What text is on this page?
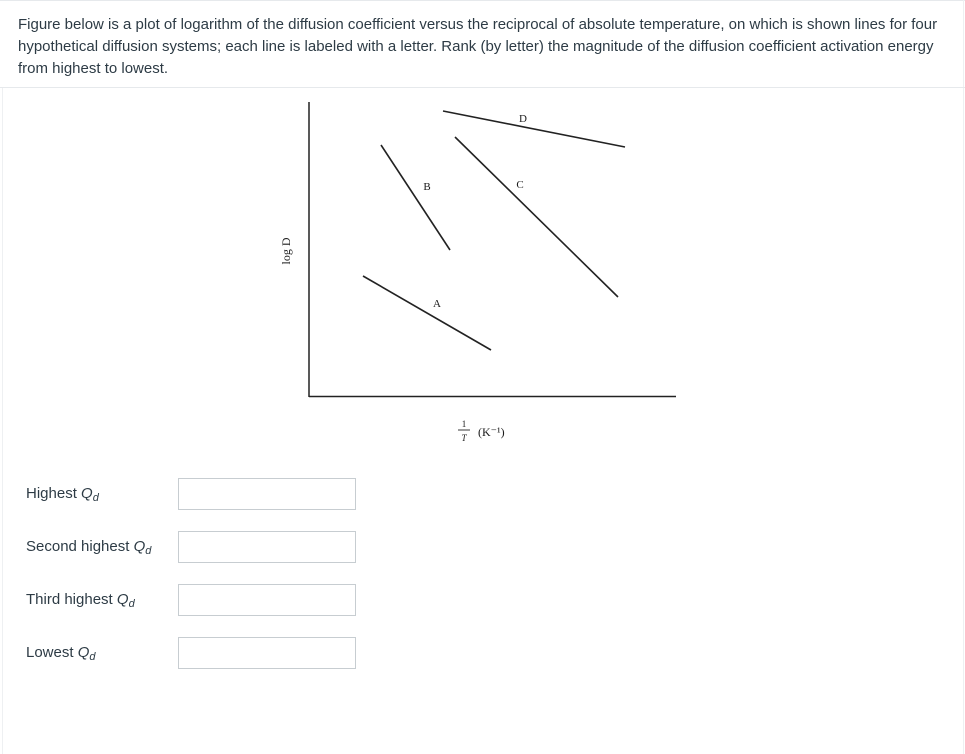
Figure below is a plot of logarithm of the diffusion coefficient versus the reciprocal of absolute temperature, on which is shown lines for four hypothetical diffusion systems; each line is labeled with a letter. Rank (by letter) the magnitude of the diffusion coefficient activation energy from highest to lowest.
log D
A
B	C
D
1
T (K⁻¹)
Highest $Q_d$
Second highest $Q_d$
Third highest $Q_d$
Lowest $Q_d$
